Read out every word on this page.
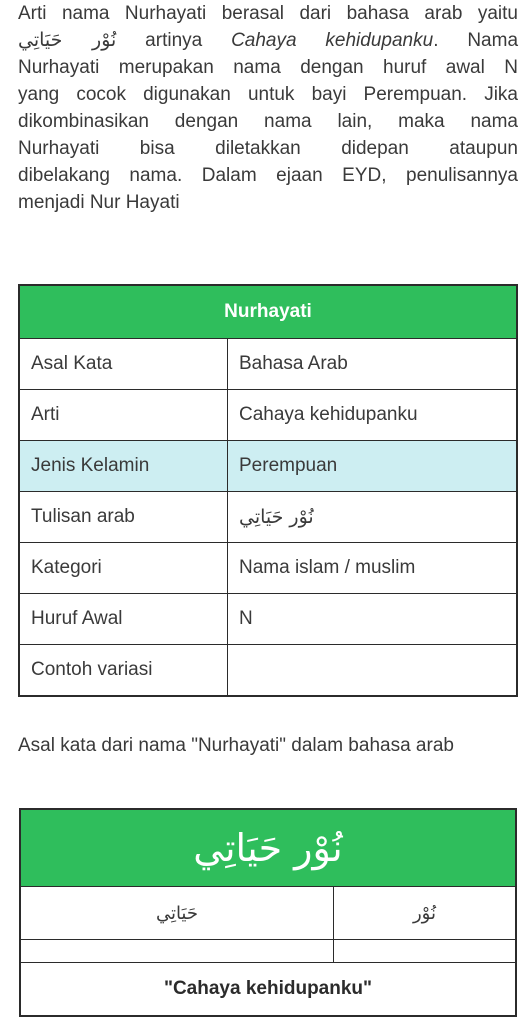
Arti nama Nurhayati berasal dari bahasa arab yaitu
نُوْر حَيَاتِي artinya Cahaya kehidupanku. Nama
Nurhayati merupakan nama dengan huruf awal N
yang cocok digunakan untuk bayi Perempuan. Jika
dikombinasikan dengan nama lain, maka nama
Nurhayati bisa diletakkan didepan ataupun
dibelakang nama. Dalam ejaan EYD, penulisannya
menjadi Nur Hayati
Nurhayati	
Asal Kata	Bahasa Arab
Arti	Cahaya kehidupanku
Jenis Kelamin	Perempuan
Tulisan arab	نُوْر حَيَاتِي
Kategori	Nama islam / muslim
Huruf Awal	N
Contoh variasi	
Asal kata dari nama "Nurhayati" dalam bahasa arab
نُوْر حَيَاتِي	
حَيَاتِي	نُوْر

"Cahaya kehidupanku"	
